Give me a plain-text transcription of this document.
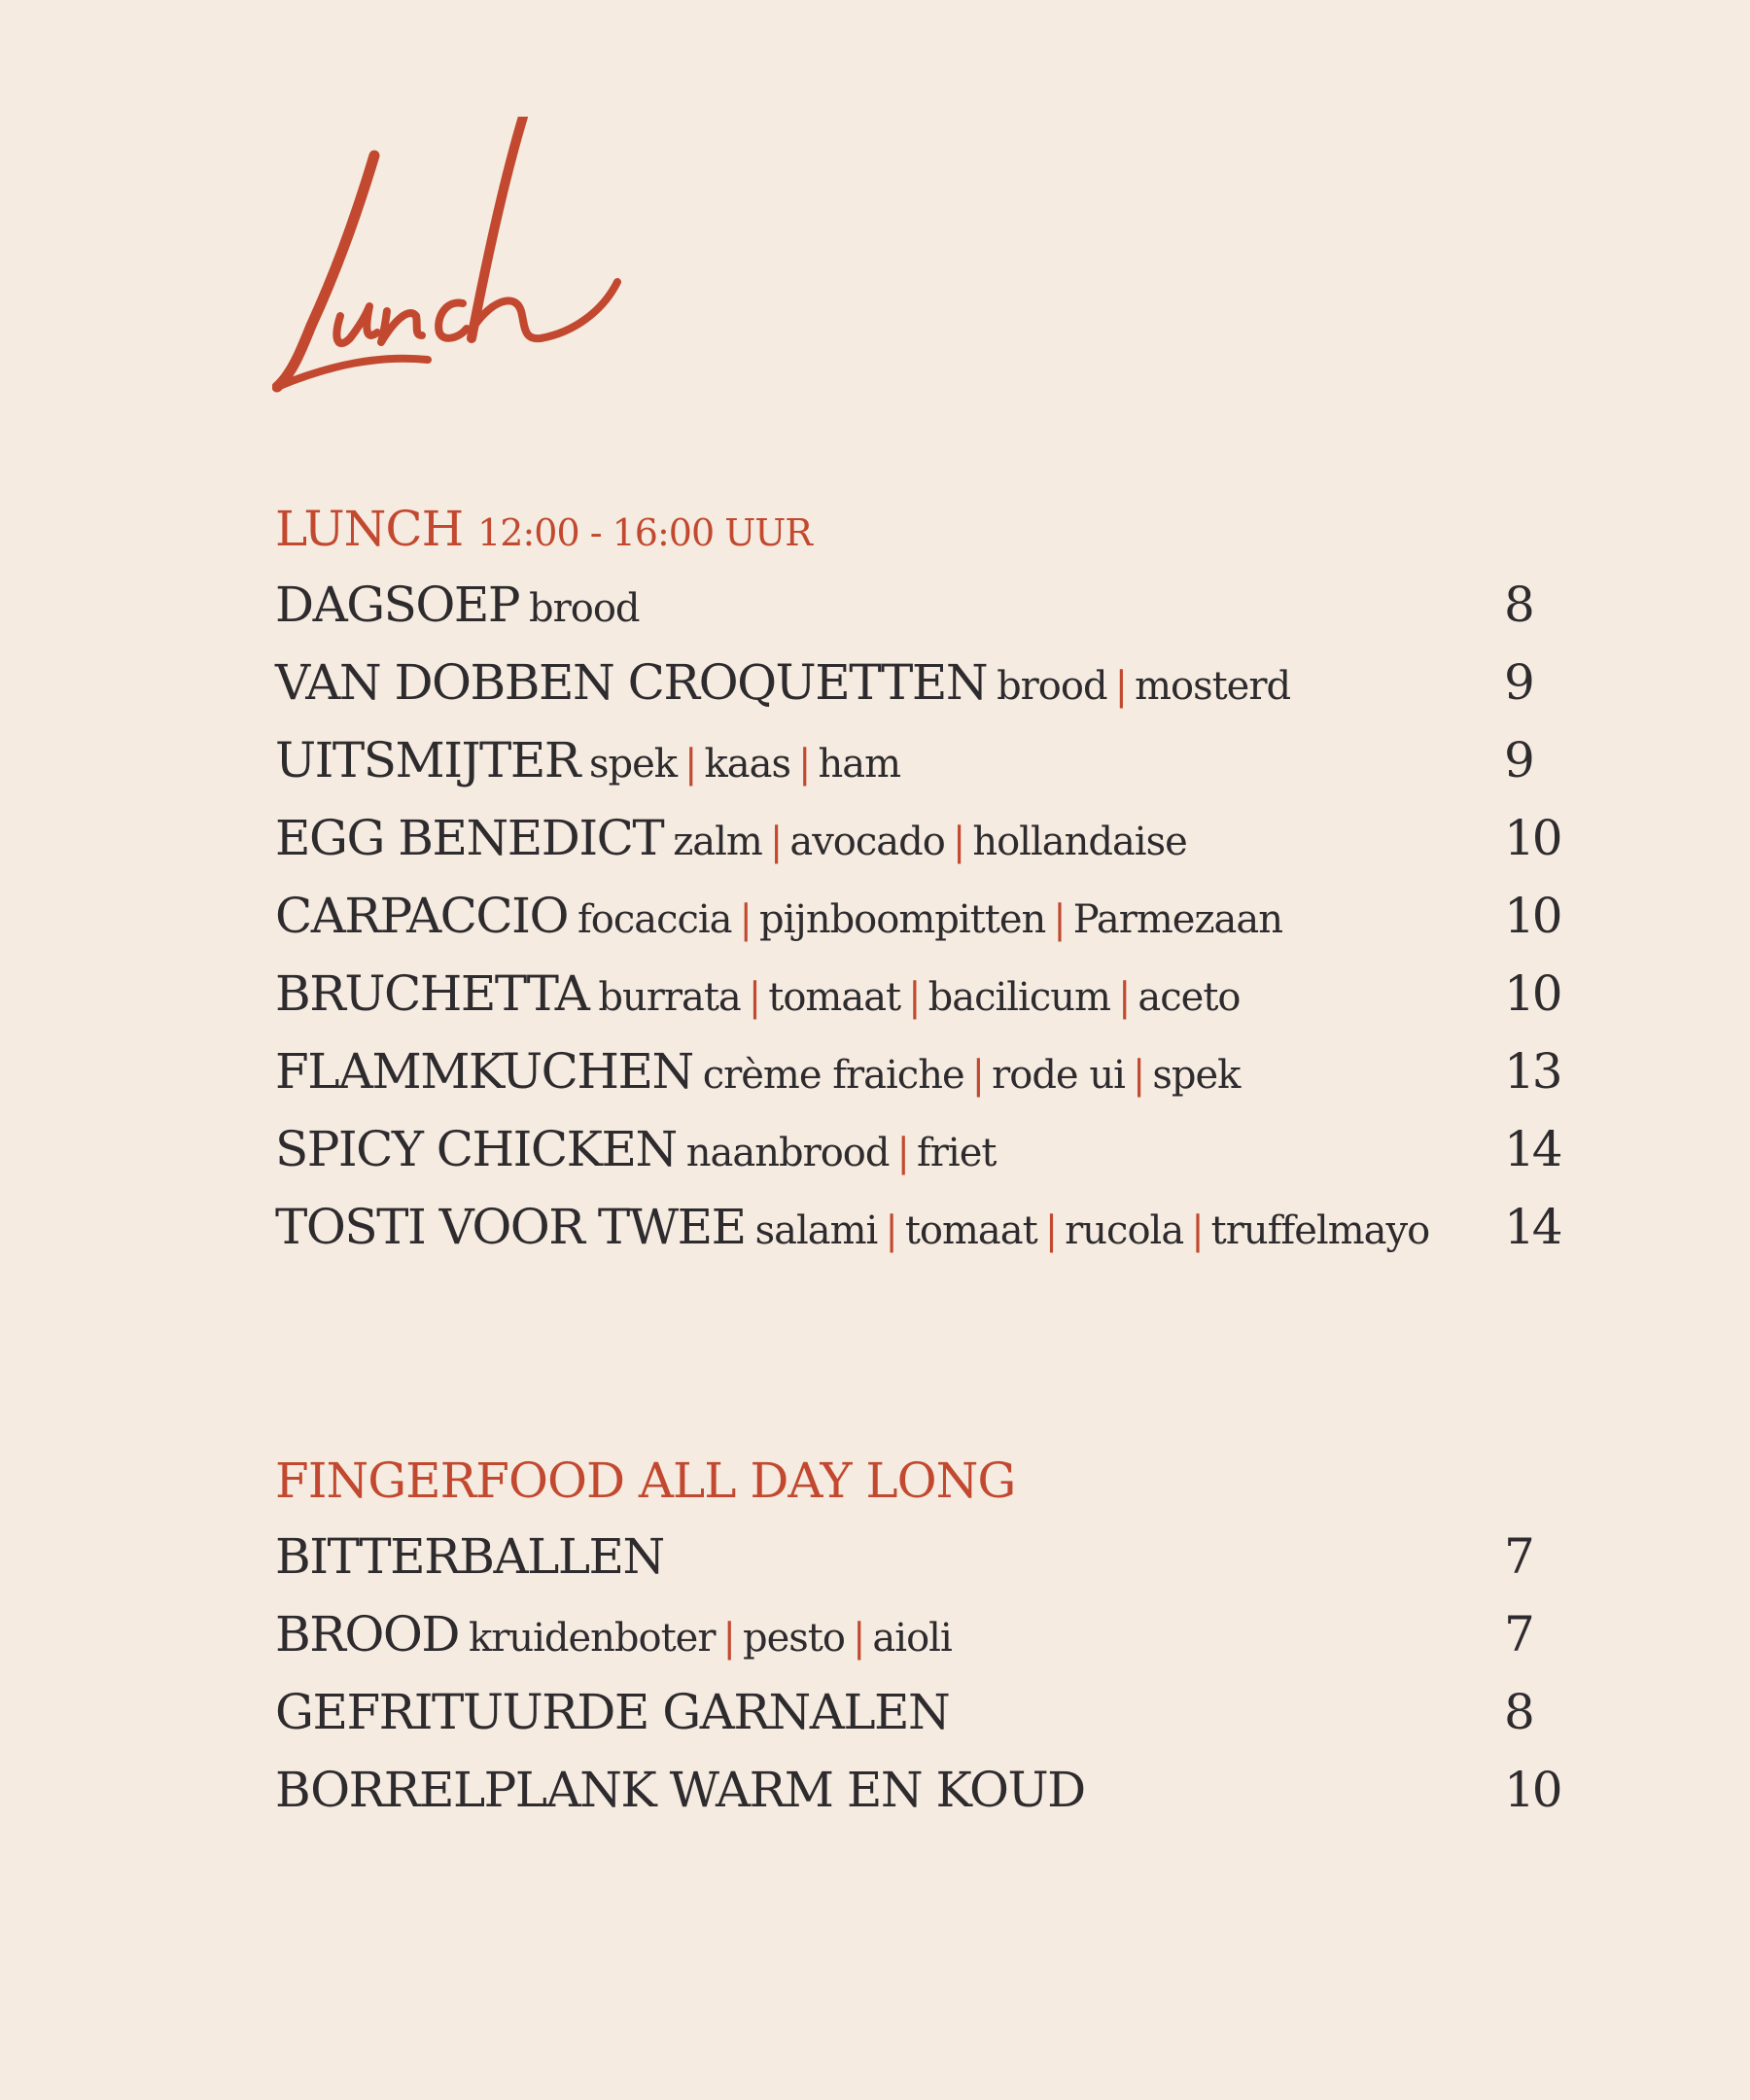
LUNCH 12:00 - 16:00 UUR
DAGSOEP brood	8
VAN DOBBEN CROQUETTEN brood | mosterd	9
UITSMIJTER spek | kaas | ham	9
EGG BENEDICT zalm | avocado | hollandaise	10
CARPACCIO focaccia | pijnboompitten | Parmezaan	10
BRUCHETTA burrata | tomaat | bacilicum | aceto	10
FLAMMKUCHEN crème fraiche | rode ui | spek	13
SPICY CHICKEN naanbrood | friet	14
TOSTI VOOR TWEE salami | tomaat | rucola | truffelmayo 14
FINGERFOOD ALL DAY LONG
BITTERBALLEN	7
BROOD kruidenboter | pesto | aioli	7
GEFRITUURDE GARNALEN	8
BORRELPLANK WARM EN KOUD	10
